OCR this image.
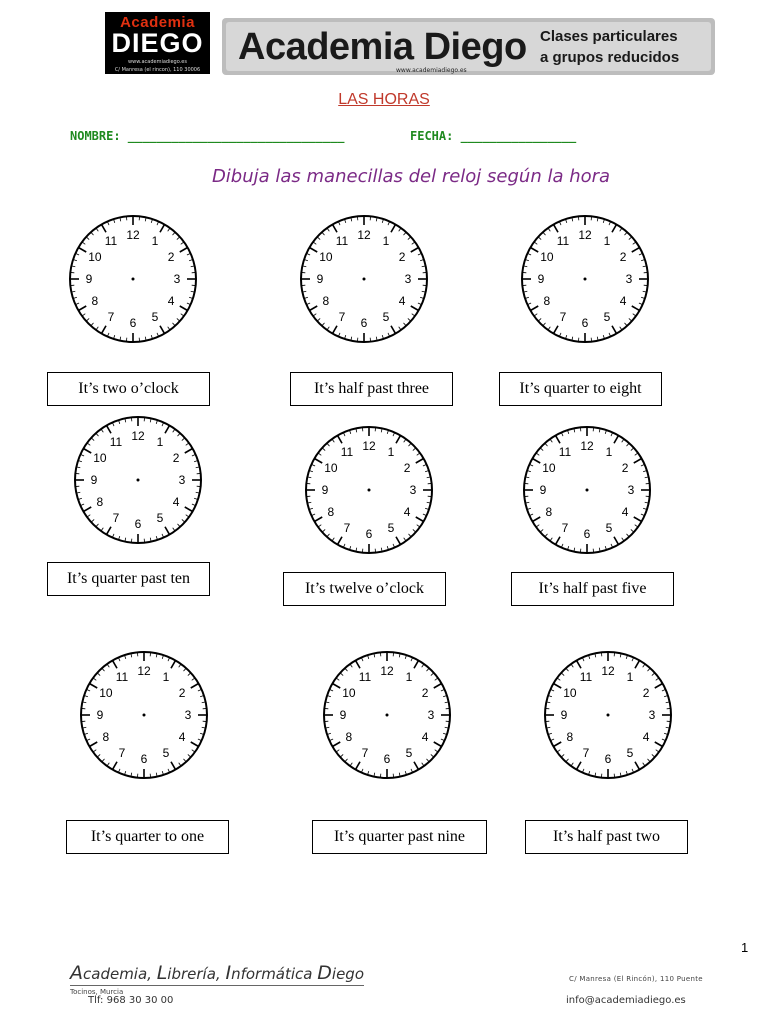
Academia
DIEGO
www.academiadiego.es
C/ Manresa (el rincon), 110 30006
Academia Diego
www.academiadiego.es
Clases particulares
a grupos reducidos
LAS HORAS
NOMBRE: ______________________________	FECHA: ________________
Dibuja las manecillas del reloj según la hora
12 1
2
3
4
5
6
7
8
9
10
11	12 1
2
3
4
5
6
7
8
9
10
11	12 1
2
3
4
5
6
7
8
9
10
11
12 1
2
3
4
5
6
7
8
9
10
11	12 1
2
3
4
5
6
7
8
9
10
11	12 1
2
3
4
5
6
7
8
9
10
11
12 1
2
3
4
5
6
7
8
9
10
11	12 1
2
3
4
5
6
7
8
9
10
11	12 1
2
3
4
5
6
7
8
9
10
11
It’s two o’clock	It’s half past three	It’s quarter to eight
It’s quarter past ten
It’s twelve o’clock	It’s half past five
It’s quarter to one	It’s quarter past nine	It’s half past two
1
Academia, Librería, Informática Diego	C/ Manresa (El Rincón), 110 Puente
Tocinos, Murcia
Tlf: 968 30 30 00	info@academiadiego.es
